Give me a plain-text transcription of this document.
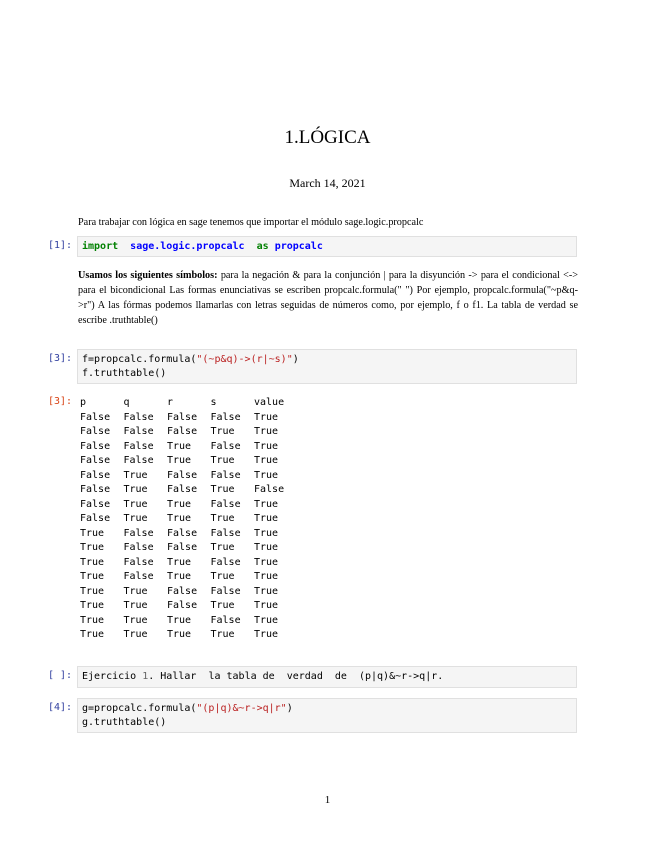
1.LÓGICA
March 14, 2021
Para trabajar con lógica en sage tenemos que importar el módulo sage.logic.propcalc
[1]: import sage.logic.propcalc as propcalc
Usamos los siguientes símbolos: para la negación & para la conjunción | para la disyunción -> para el condicional <-> para el bicondicional Las formas enunciativas se escriben propcalc.formula(" ") Por ejemplo, propcalc.formula("~p&q->r") A las fórmas podemos llamarlas con letras seguidas de números como, por ejemplo, f o f1. La tabla de verdad se escribe .truthtable()
[3]: f=propcalc.formula("(~p&q)->(r|~s)")
f.truthtable()
[3]: p	q	r	s	value
False	False	False	False	True
False	False	False	True	True
False	False	True	False	True
False	False	True	True	True
False	True	False	False	True
False	True	False	True	False
False	True	True	False	True
False	True	True	True	True
True	False	False	False	True
True	False	False	True	True
True	False	True	False	True
True	False	True	True	True
True	True	False	False	True
True	True	False	True	True
True	True	True	False	True
True	True	True	True	True
[ ]: Ejercicio 1. Hallar  la tabla de  verdad  de  (p|q)&~r->q|r.
[4]: g=propcalc.formula("(p|q)&~r->q|r")
g.truthtable()
1
